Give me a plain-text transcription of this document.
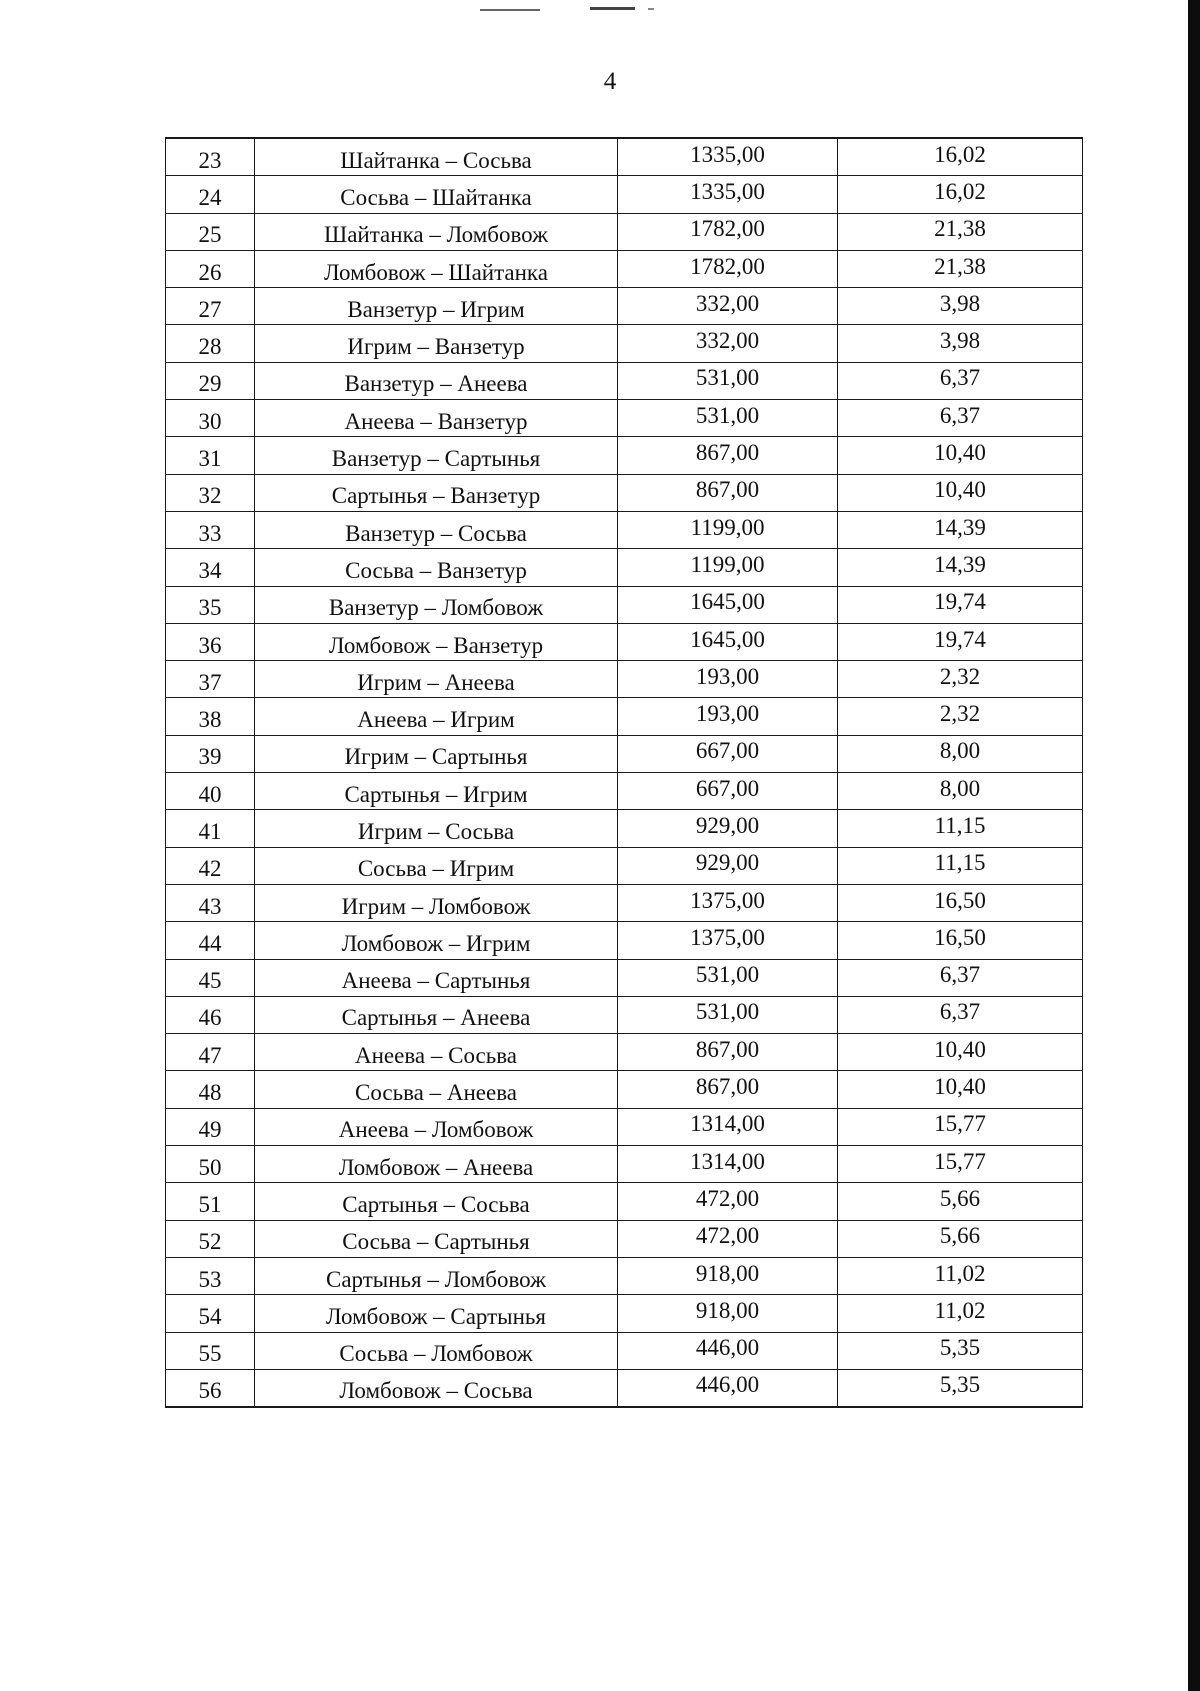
4
23	Шайтанка – Сосьва	1335,00	16,02
24	Сосьва – Шайтанка	1335,00	16,02
25	Шайтанка – Ломбовож	1782,00	21,38
26	Ломбовож – Шайтанка	1782,00	21,38
27	Ванзетур – Игрим	332,00	3,98
28	Игрим – Ванзетур	332,00	3,98
29	Ванзетур – Анеева	531,00	6,37
30	Анеева – Ванзетур	531,00	6,37
31	Ванзетур – Сартынья	867,00	10,40
32	Сартынья – Ванзетур	867,00	10,40
33	Ванзетур – Сосьва	1199,00	14,39
34	Сосьва – Ванзетур	1199,00	14,39
35	Ванзетур – Ломбовож	1645,00	19,74
36	Ломбовож – Ванзетур	1645,00	19,74
37	Игрим – Анеева	193,00	2,32
38	Анеева – Игрим	193,00	2,32
39	Игрим – Сартынья	667,00	8,00
40	Сартынья – Игрим	667,00	8,00
41	Игрим – Сосьва	929,00	11,15
42	Сосьва – Игрим	929,00	11,15
43	Игрим – Ломбовож	1375,00	16,50
44	Ломбовож – Игрим	1375,00	16,50
45	Анеева – Сартынья	531,00	6,37
46	Сартынья – Анеева	531,00	6,37
47	Анеева – Сосьва	867,00	10,40
48	Сосьва – Анеева	867,00	10,40
49	Анеева – Ломбовож	1314,00	15,77
50	Ломбовож – Анеева	1314,00	15,77
51	Сартынья – Сосьва	472,00	5,66
52	Сосьва – Сартынья	472,00	5,66
53	Сартынья – Ломбовож	918,00	11,02
54	Ломбовож – Сартынья	918,00	11,02
55	Сосьва – Ломбовож	446,00	5,35
56	Ломбовож – Сосьва	446,00	5,35
